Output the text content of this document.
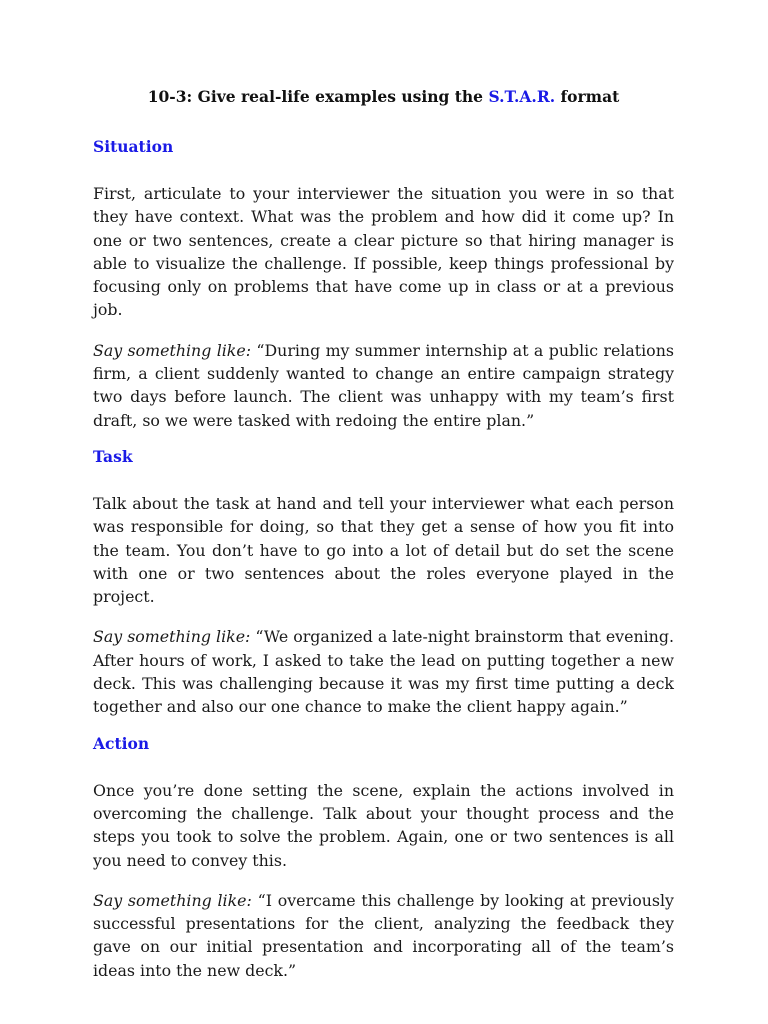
10-3: Give real-life examples using the S.T.A.R. format
Situation

First, articulate to your interviewer the situation you were in so that they have context. What was the problem and how did it come up? In one or two sentences, create a clear picture so that hiring manager is able to visualize the challenge. If possible, keep things professional by focusing only on problems that have come up in class or at a previous job.

Say something like: “During my summer internship at a public relations firm, a client suddenly wanted to change an entire campaign strategy two days before launch. The client was unhappy with my team’s first draft, so we were tasked with redoing the entire plan.”

Task

Talk about the task at hand and tell your interviewer what each person was responsible for doing, so that they get a sense of how you fit into the team. You don’t have to go into a lot of detail but do set the scene with one or two sentences about the roles everyone played in the project.

Say something like: “We organized a late-night brainstorm that evening. After hours of work, I asked to take the lead on putting together a new deck. This was challenging because it was my first time putting a deck together and also our one chance to make the client happy again.”

Action

Once you’re done setting the scene, explain the actions involved in overcoming the challenge. Talk about your thought process and the steps you took to solve the problem. Again, one or two sentences is all you need to convey this.

Say something like: “I overcame this challenge by looking at previously successful presentations for the client, analyzing the feedback they gave on our initial presentation and incorporating all of the team’s ideas into the new deck.”
